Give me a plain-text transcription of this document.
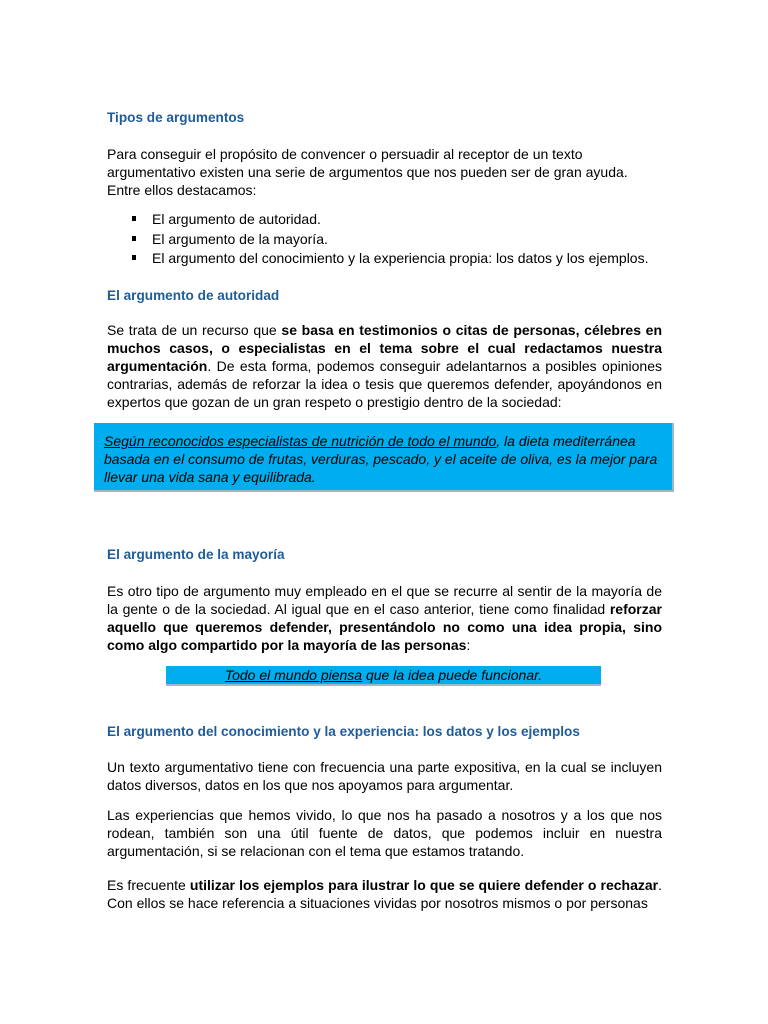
Tipos de argumentos

Para conseguir el propósito de convencer o persuadir al receptor de un texto argumentativo existen una serie de argumentos que nos pueden ser de gran ayuda. Entre ellos destacamos:

El argumento de autoridad.
El argumento de la mayoría.
El argumento del conocimiento y la experiencia propia: los datos y los ejemplos.
El argumento de autoridad

Se trata de un recurso que se basa en testimonios o citas de personas, célebres en muchos casos, o especialistas en el tema sobre el cual redactamos nuestra argumentación. De esta forma, podemos conseguir adelantarnos a posibles opiniones contrarias, además de reforzar la idea o tesis que queremos defender, apoyándonos en expertos que gozan de un gran respeto o prestigio dentro de la sociedad:

Según reconocidos especialistas de nutrición de todo el mundo, la dieta mediterránea basada en el consumo de frutas, verduras, pescado, y el aceite de oliva, es la mejor para llevar una vida sana y equilibrada.
El argumento de la mayoría

Es otro tipo de argumento muy empleado en el que se recurre al sentir de la mayoría de la gente o de la sociedad. Al igual que en el caso anterior, tiene como finalidad reforzar aquello que queremos defender, presentándolo no como una idea propia, sino como algo compartido por la mayoría de las personas:

Todo el mundo piensa que la idea puede funcionar.
El argumento del conocimiento y la experiencia: los datos y los ejemplos

Un texto argumentativo tiene con frecuencia una parte expositiva, en la cual se incluyen datos diversos, datos en los que nos apoyamos para argumentar.

Las experiencias que hemos vivido, lo que nos ha pasado a nosotros y a los que nos rodean, también son una útil fuente de datos, que podemos incluir en nuestra argumentación, si se relacionan con el tema que estamos tratando.

Es frecuente utilizar los ejemplos para ilustrar lo que se quiere defender o rechazar. Con ellos se hace referencia a situaciones vividas por nosotros mismos o por personas
